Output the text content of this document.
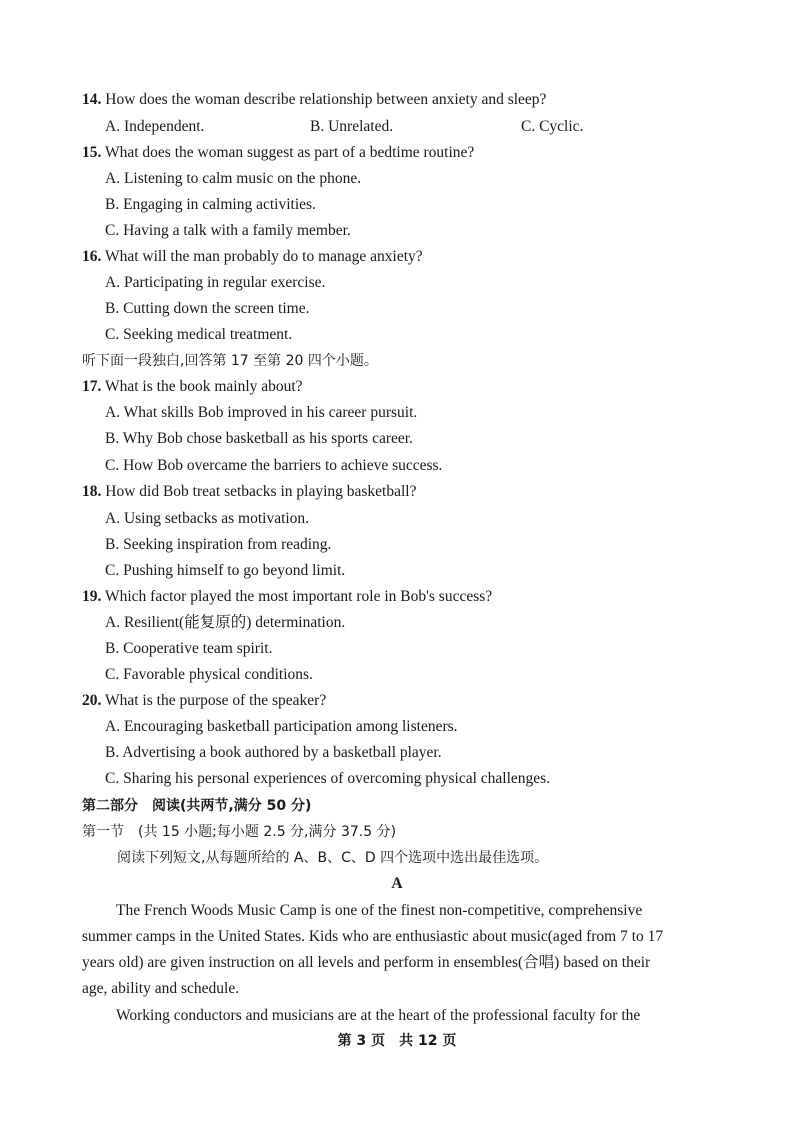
14. How does the woman describe relationship between anxiety and sleep?
A. Independent.	B. Unrelated.	C. Cyclic.
15. What does the woman suggest as part of a bedtime routine?
A. Listening to calm music on the phone.
B. Engaging in calming activities.
C. Having a talk with a family member.
16. What will the man probably do to manage anxiety?
A. Participating in regular exercise.
B. Cutting down the screen time.
C. Seeking medical treatment.
听下面一段独白,回答第 17 至第 20 四个小题。
17. What is the book mainly about?
A. What skills Bob improved in his career pursuit.
B. Why Bob chose basketball as his sports career.
C. How Bob overcame the barriers to achieve success.
18. How did Bob treat setbacks in playing basketball?
A. Using setbacks as motivation.
B. Seeking inspiration from reading.
C. Pushing himself to go beyond limit.
19. Which factor played the most important role in Bob's success?
A. Resilient(能复原的) determination.
B. Cooperative team spirit.
C. Favorable physical conditions.
20. What is the purpose of the speaker?
A. Encouraging basketball participation among listeners.
B. Advertising a book authored by a basketball player.
C. Sharing his personal experiences of overcoming physical challenges.
第二部分　阅读(共两节,满分 50 分)
第一节　(共 15 小题;每小题 2.5 分,满分 37.5 分)
阅读下列短文,从每题所给的 A、B、C、D 四个选项中选出最佳选项。
A
The French Woods Music Camp is one of the finest non-competitive, comprehensive
summer camps in the United States. Kids who are enthusiastic about music(aged from 7 to 17
years old) are given instruction on all levels and perform in ensembles(合唱) based on their
age, ability and schedule.
Working conductors and musicians are at the heart of the professional faculty for the
第 3 页　共 12 页
